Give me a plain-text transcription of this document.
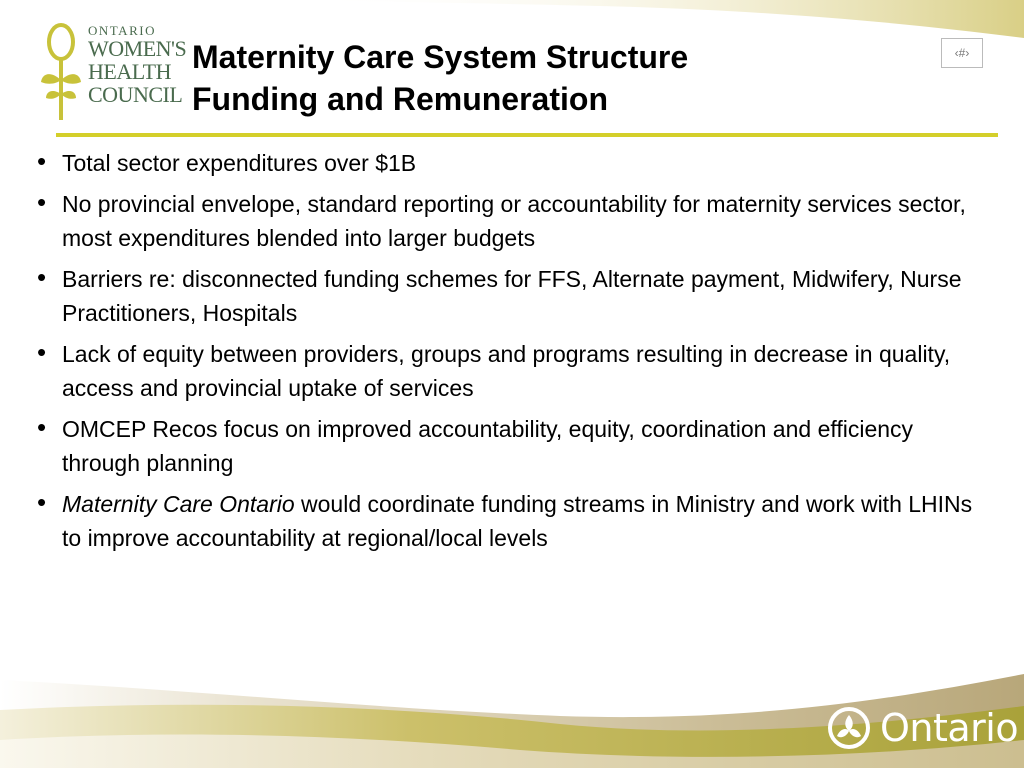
ONTARIO
WOMEN'S
HEALTH
COUNCIL
Maternity Care System Structure
Funding and Remuneration
‹#›
• Total sector expenditures over $1B
• No provincial envelope, standard reporting or accountability for maternity services sector, most expenditures blended into larger budgets
• Barriers re: disconnected funding schemes for FFS, Alternate payment, Midwifery, Nurse Practitioners, Hospitals
• Lack of equity between providers, groups and programs resulting in decrease in quality, access and provincial uptake of services
• OMCEP Recos focus on improved accountability, equity, coordination and efficiency through planning
• Maternity Care Ontario would coordinate funding streams in Ministry and work with LHINs to improve accountability at regional/local levels
Ontario
